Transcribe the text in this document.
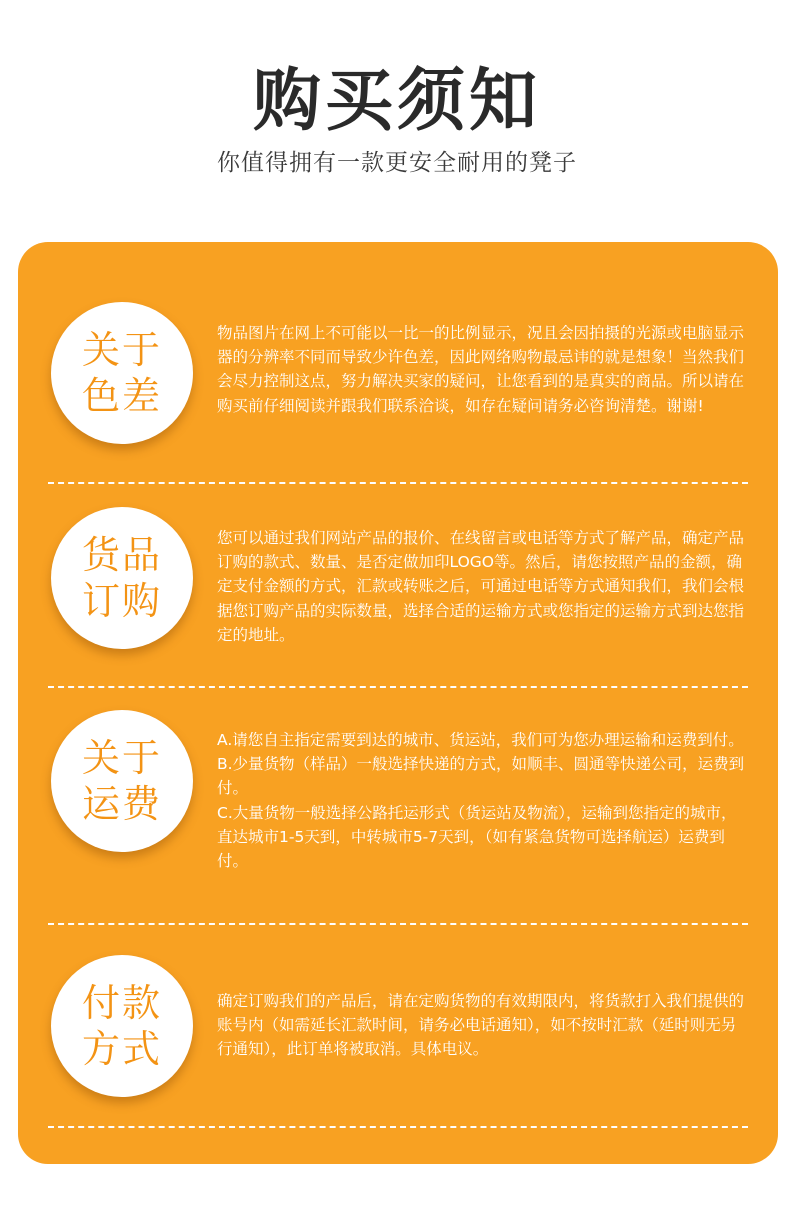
购买须知
你值得拥有一款更安全耐用的凳子
关于
色差

物品图片在网上不可能以一比一的比例显示，况且会因拍摄的光源或电脑显示器的分辨率不同而导致少许色差，因此网络购物最忌讳的就是想象！当然我们会尽力控制这点，努力解决买家的疑问，让您看到的是真实的商品。所以请在购买前仔细阅读并跟我们联系洽谈，如存在疑问请务必咨询清楚。谢谢!

货品
订购

您可以通过我们网站产品的报价、在线留言或电话等方式了解产品，确定产品订购的款式、数量、是否定做加印LOGO等。然后，请您按照产品的金额，确定支付金额的方式，汇款或转账之后，可通过电话等方式通知我们，我们会根据您订购产品的实际数量，选择合适的运输方式或您指定的运输方式到达您指定的地址。

关于
运费

A.请您自主指定需要到达的城市、货运站，我们可为您办理运输和运费到付。

B.少量货物（样品）一般选择快递的方式，如顺丰、圆通等快递公司，运费到付。

C.大量货物一般选择公路托运形式（货运站及物流），运输到您指定的城市，直达城市1-5天到，中转城市5-7天到，（如有紧急货物可选择航运）运费到付。

付款
方式

确定订购我们的产品后，请在定购货物的有效期限内，将货款打入我们提供的账号内（如需延长汇款时间，请务必电话通知），如不按时汇款（延时则无另行通知），此订单将被取消。具体电议。
